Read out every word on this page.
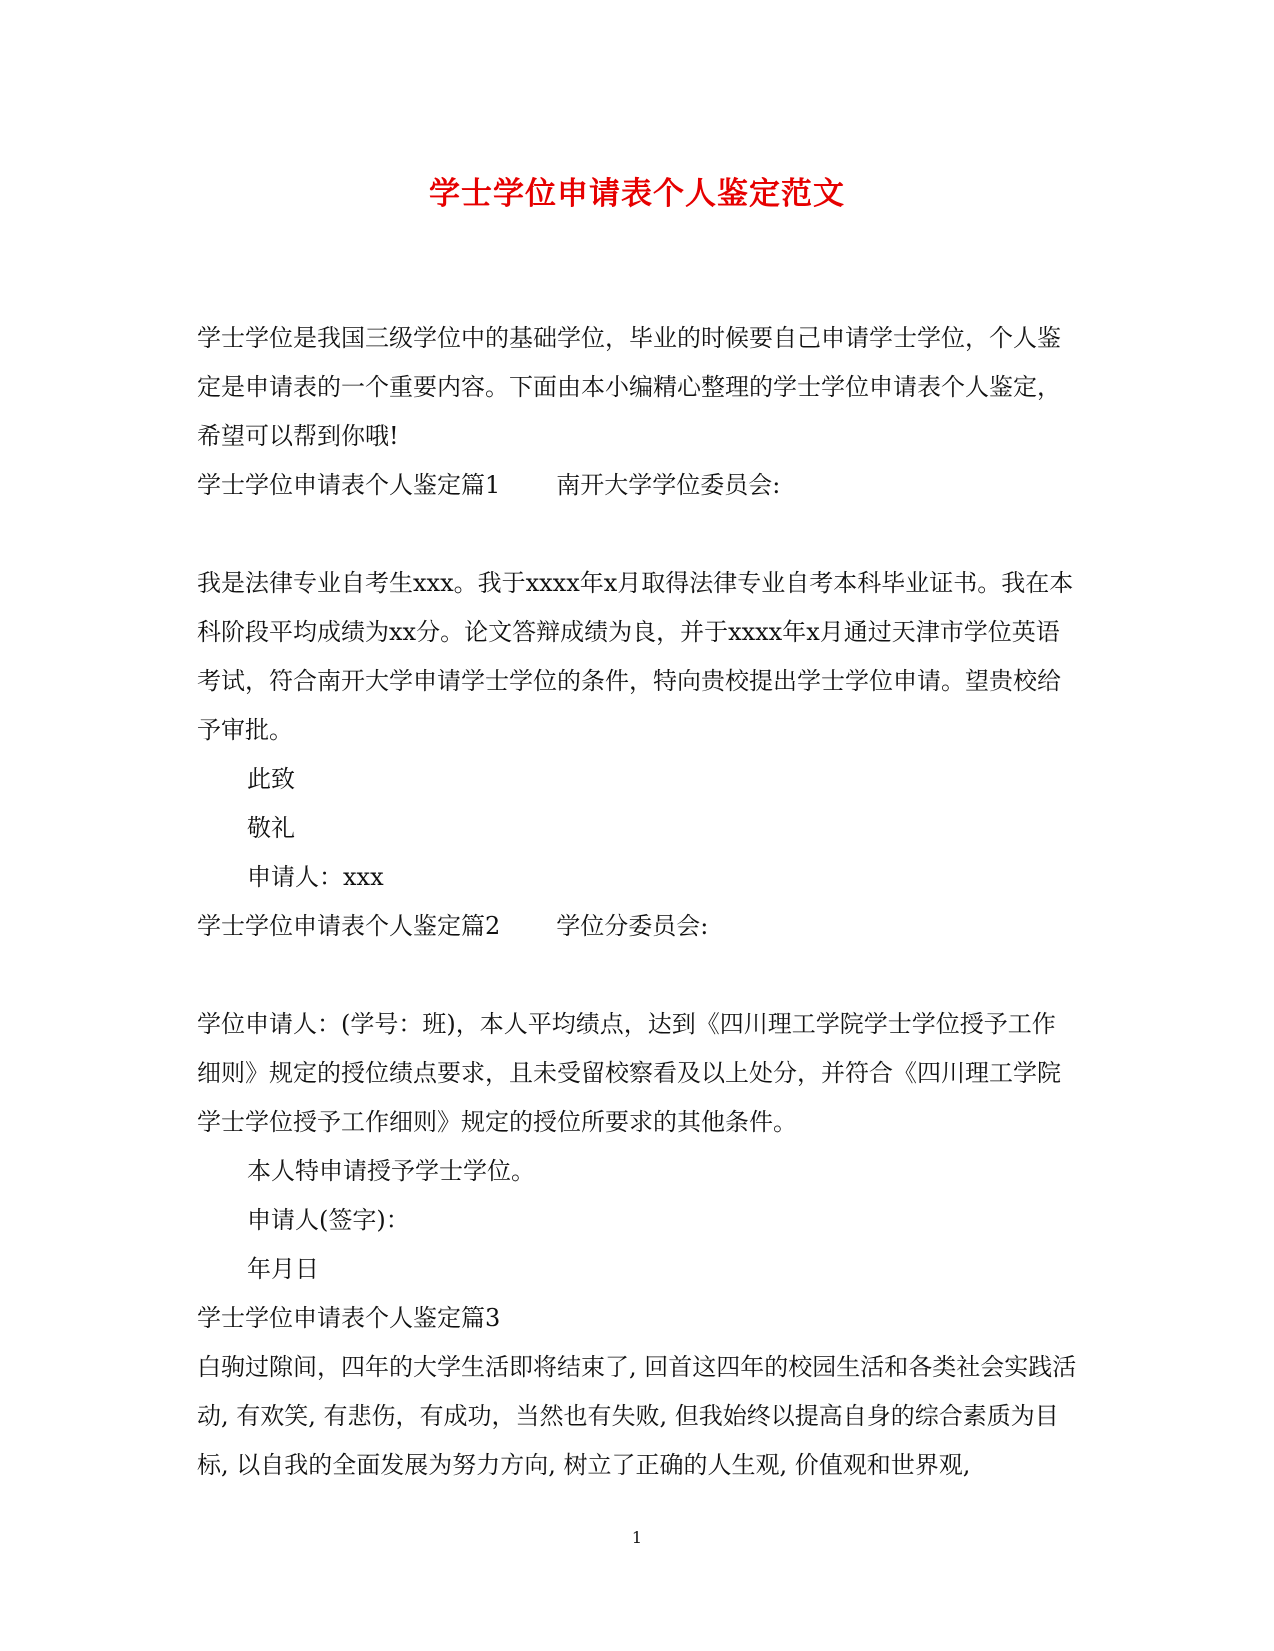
学士学位申请表个人鉴定范文

学士学位是我国三级学位中的基础学位，毕业的时候要自己申请学士学位，个人鉴定是申请表的一个重要内容。下面由本小编精心整理的学士学位申请表个人鉴定，希望可以帮到你哦!

学士学位申请表个人鉴定篇1 南开大学学位委员会:

我是法律专业自考生xxx。我于xxxx年x月取得法律专业自考本科毕业证书。我在本科阶段平均成绩为xx分。论文答辩成绩为良，并于xxxx年x月通过天津市学位英语考试，符合南开大学申请学士学位的条件，特向贵校提出学士学位申请。望贵校给予审批。

此致

敬礼

申请人：xxx

学士学位申请表个人鉴定篇2 学位分委员会:

学位申请人：(学号：班)，本人平均绩点，达到《四川理工学院学士学位授予工作细则》规定的授位绩点要求，且未受留校察看及以上处分，并符合《四川理工学院学士学位授予工作细则》规定的授位所要求的其他条件。

本人特申请授予学士学位。

申请人(签字)：

年月日

学士学位申请表个人鉴定篇3

白驹过隙间，四年的大学生活即将结束了, 回首这四年的校园生活和各类社会实践活动, 有欢笑, 有悲伤，有成功，当然也有失败, 但我始终以提高自身的综合素质为目标, 以自我的全面发展为努力方向, 树立了正确的人生观, 价值观和世界观,

1
